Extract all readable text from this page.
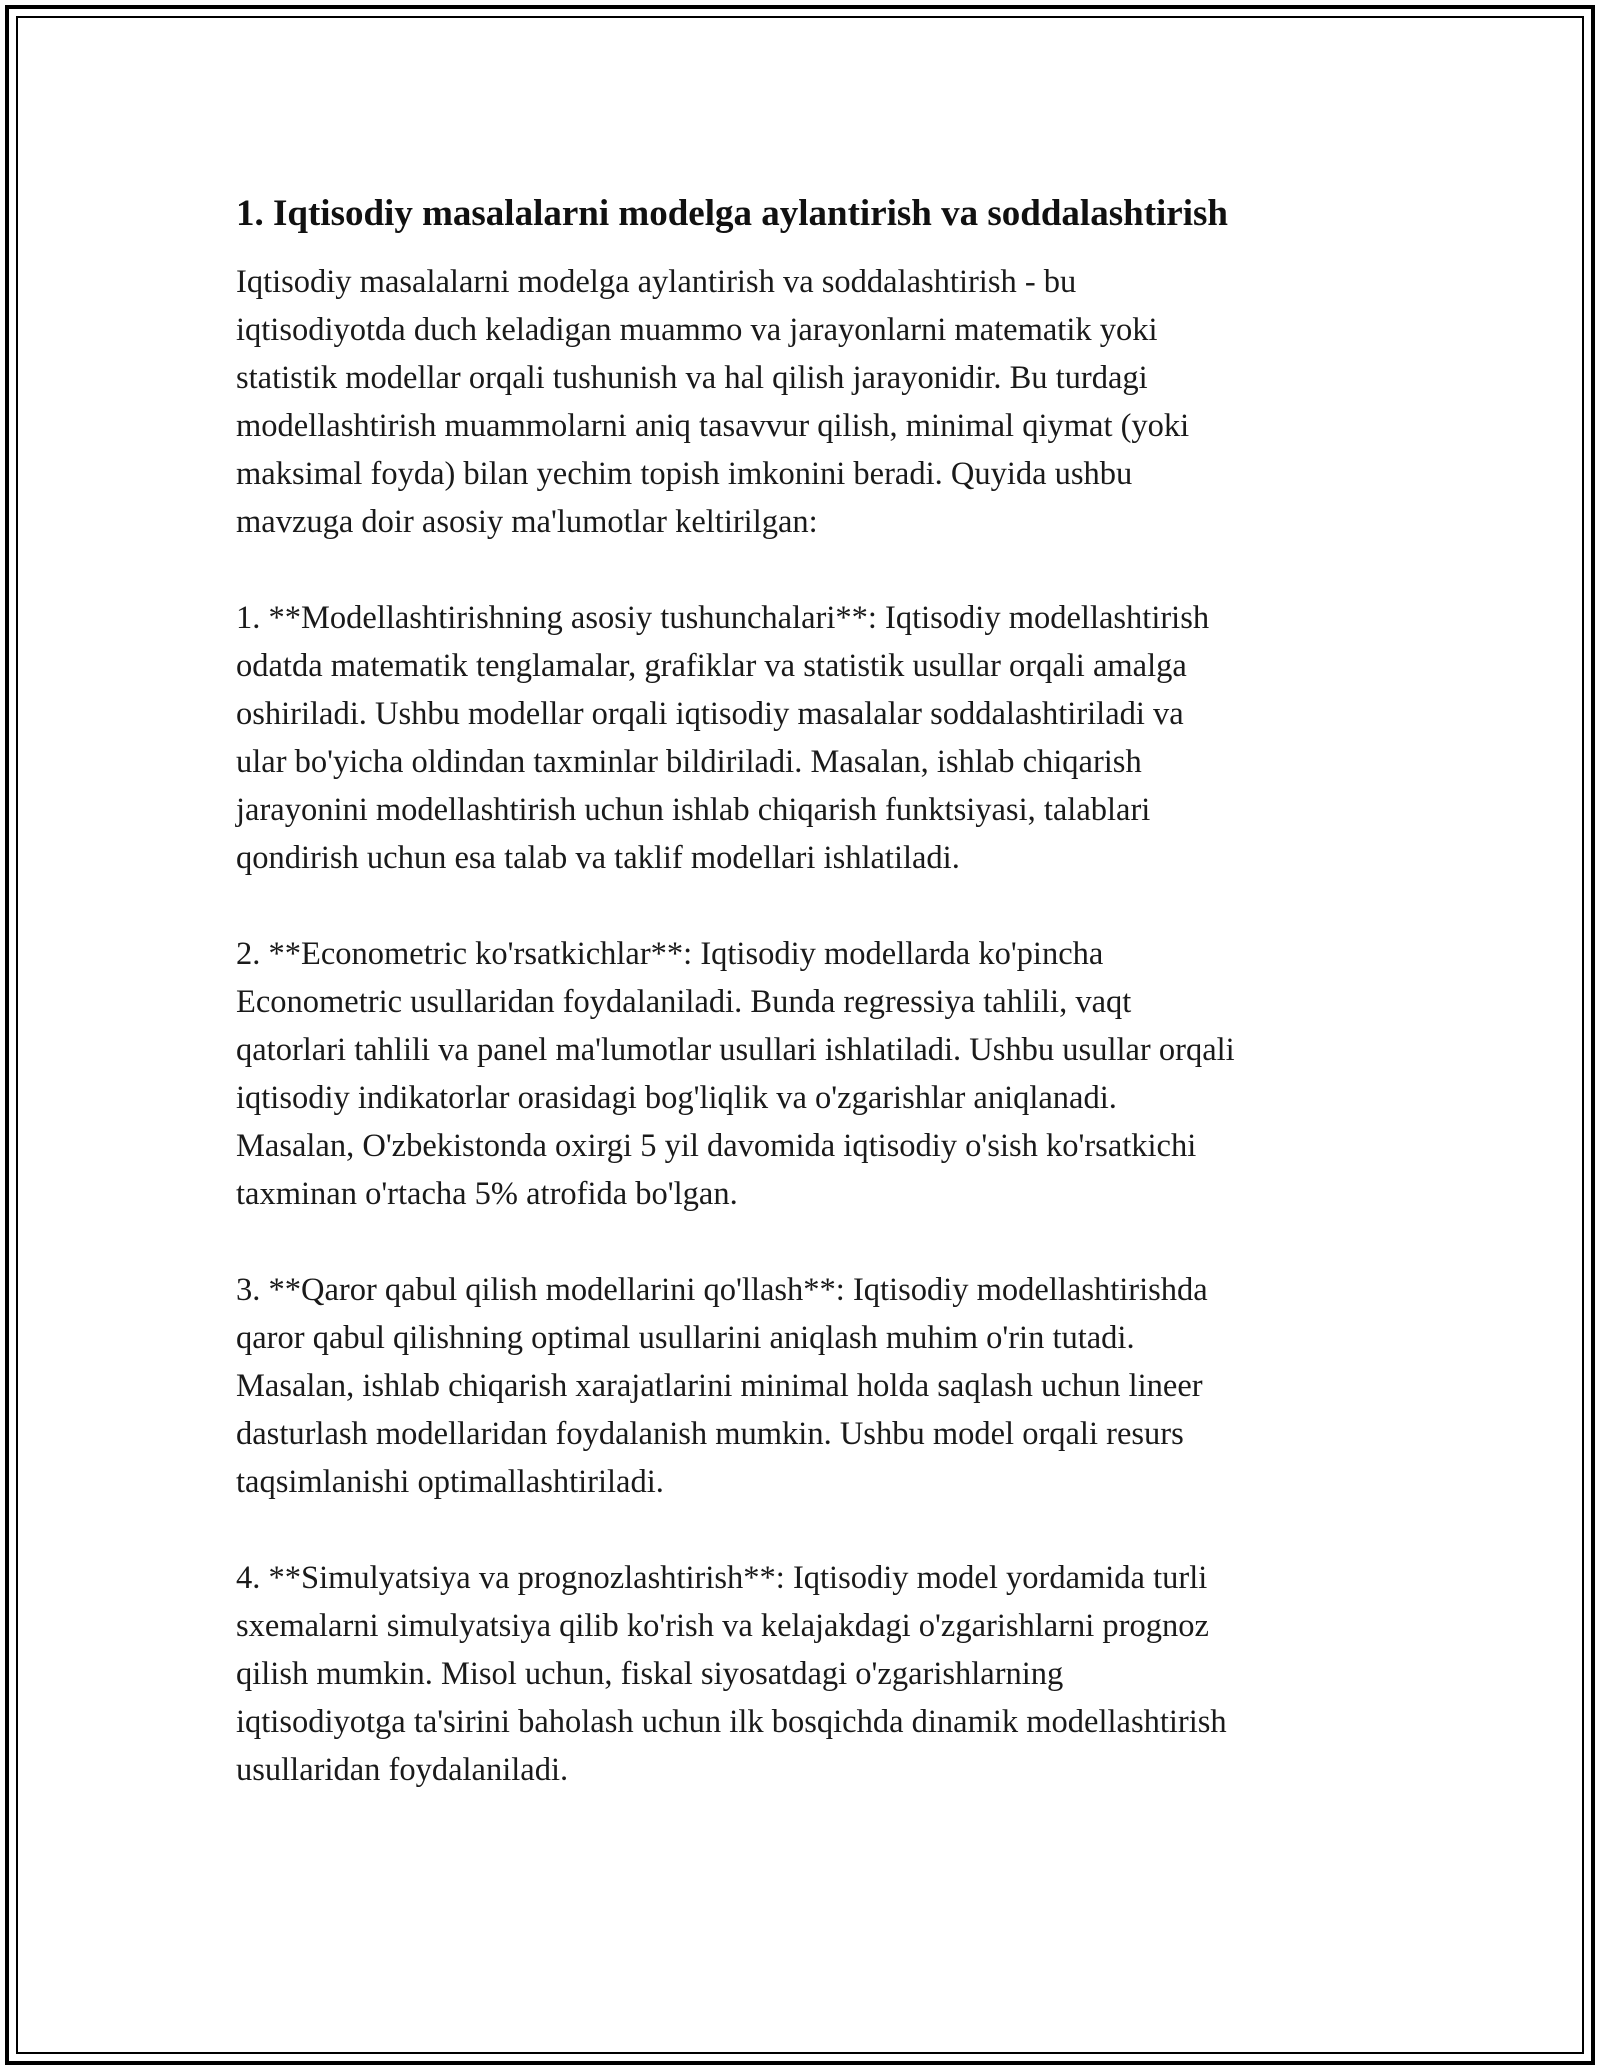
1. Iqtisodiy masalalarni modelga aylantirish va soddalashtirish

Iqtisodiy masalalarni modelga aylantirish va soddalashtirish - bu
iqtisodiyotda duch keladigan muammo va jarayonlarni matematik yoki
statistik modellar orqali tushunish va hal qilish jarayonidir. Bu turdagi
modellashtirish muammolarni aniq tasavvur qilish, minimal qiymat (yoki
maksimal foyda) bilan yechim topish imkonini beradi. Quyida ushbu
mavzuga doir asosiy ma'lumotlar keltirilgan:

1. **Modellashtirishning asosiy tushunchalari**: Iqtisodiy modellashtirish
odatda matematik tenglamalar, grafiklar va statistik usullar orqali amalga
oshiriladi. Ushbu modellar orqali iqtisodiy masalalar soddalashtiriladi va
ular bo'yicha oldindan taxminlar bildiriladi. Masalan, ishlab chiqarish
jarayonini modellashtirish uchun ishlab chiqarish funktsiyasi, talablari
qondirish uchun esa talab va taklif modellari ishlatiladi.

2. **Econometric ko'rsatkichlar**: Iqtisodiy modellarda ko'pincha
Econometric usullaridan foydalaniladi. Bunda regressiya tahlili, vaqt
qatorlari tahlili va panel ma'lumotlar usullari ishlatiladi. Ushbu usullar orqali
iqtisodiy indikatorlar orasidagi bog'liqlik va o'zgarishlar aniqlanadi.
Masalan, O'zbekistonda oxirgi 5 yil davomida iqtisodiy o'sish ko'rsatkichi
taxminan o'rtacha 5% atrofida bo'lgan.

3. **Qaror qabul qilish modellarini qo'llash**: Iqtisodiy modellashtirishda
qaror qabul qilishning optimal usullarini aniqlash muhim o'rin tutadi.
Masalan, ishlab chiqarish xarajatlarini minimal holda saqlash uchun lineer
dasturlash modellaridan foydalanish mumkin. Ushbu model orqali resurs
taqsimlanishi optimallashtiriladi.

4. **Simulyatsiya va prognozlashtirish**: Iqtisodiy model yordamida turli
sxemalarni simulyatsiya qilib ko'rish va kelajakdagi o'zgarishlarni prognoz
qilish mumkin. Misol uchun, fiskal siyosatdagi o'zgarishlarning
iqtisodiyotga ta'sirini baholash uchun ilk bosqichda dinamik modellashtirish
usullaridan foydalaniladi.
